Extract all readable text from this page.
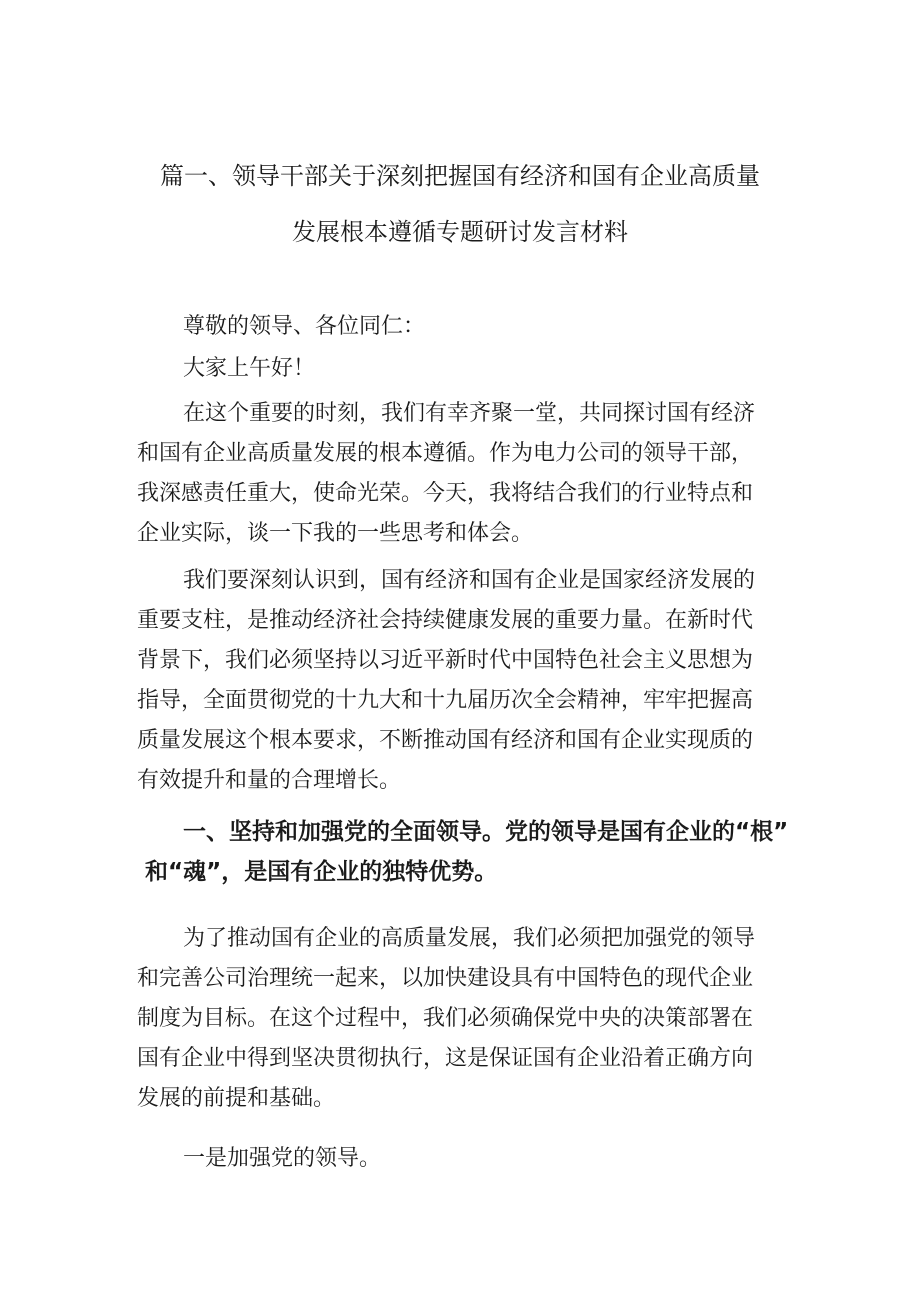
篇一、领导干部关于深刻把握国有经济和国有企业高质量
发展根本遵循专题研讨发言材料
尊敬的领导、各位同仁：
大家上午好！
在这个重要的时刻，我们有幸齐聚一堂，共同探讨国有经济
和国有企业高质量发展的根本遵循。作为电力公司的领导干部，
我深感责任重大，使命光荣。今天，我将结合我们的行业特点和
企业实际，谈一下我的一些思考和体会。
我们要深刻认识到，国有经济和国有企业是国家经济发展的
重要支柱，是推动经济社会持续健康发展的重要力量。在新时代
背景下，我们必须坚持以习近平新时代中国特色社会主义思想为
指导，全面贯彻党的十九大和十九届历次全会精神，牢牢把握高
质量发展这个根本要求，不断推动国有经济和国有企业实现质的
有效提升和量的合理增长。
一、坚持和加强党的全面领导。党的领导是国有企业的“根”
和“魂”，是国有企业的独特优势。
为了推动国有企业的高质量发展，我们必须把加强党的领导
和完善公司治理统一起来，以加快建设具有中国特色的现代企业
制度为目标。在这个过程中，我们必须确保党中央的决策部署在
国有企业中得到坚决贯彻执行，这是保证国有企业沿着正确方向
发展的前提和基础。
一是加强党的领导。
